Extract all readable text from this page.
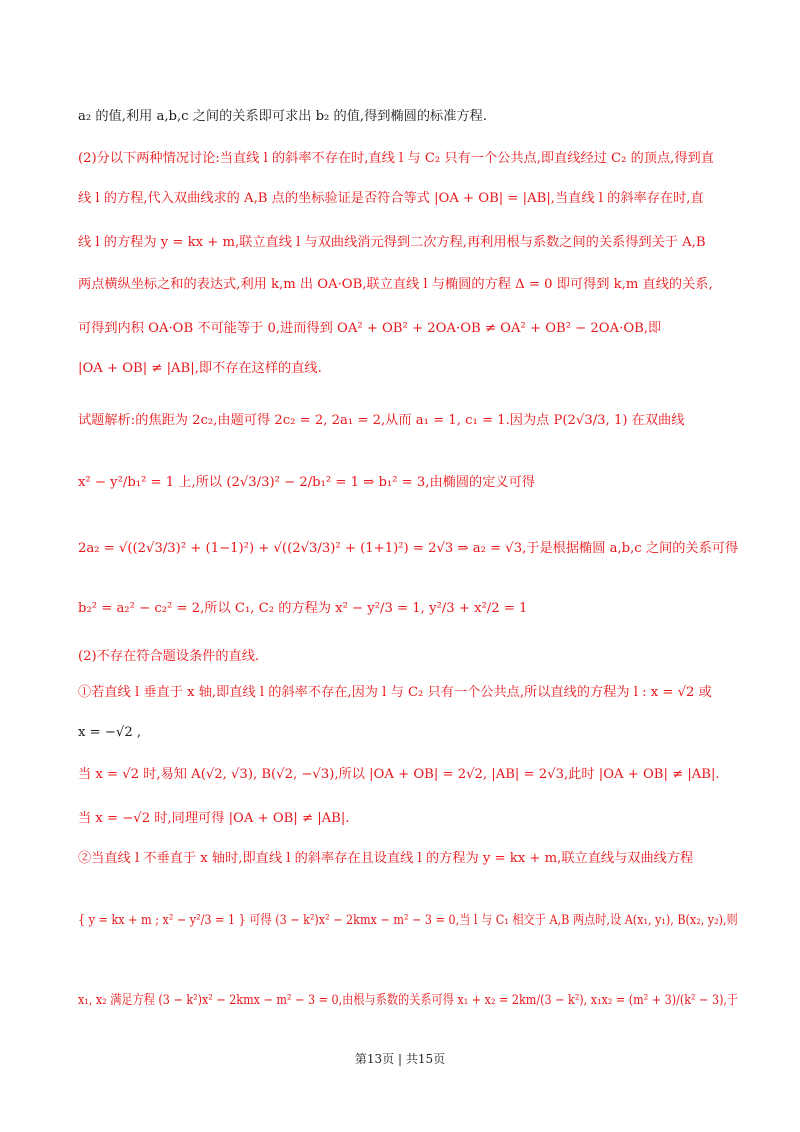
a₂ 的值,利用 a,b,c 之间的关系即可求出 b₂ 的值,得到椭圆的标准方程.
(2)分以下两种情况讨论:当直线 l 的斜率不存在时,直线 l 与 C₂ 只有一个公共点,即直线经过 C₂ 的顶点,得到直
线 l 的方程,代入双曲线求的 A,B 点的坐标验证是否符合等式 |OA + OB| = |AB|,当直线 l 的斜率存在时,直
线 l 的方程为 y = kx + m,联立直线 l 与双曲线消元得到二次方程,再利用根与系数之间的关系得到关于 A,B
两点横纵坐标之和的表达式,利用 k,m 出 OA·OB,联立直线 l 与椭圆的方程 Δ = 0 即可得到 k,m 直线的关系,
可得到内积 OA·OB 不可能等于 0,进而得到 OA² + OB² + 2OA·OB ≠ OA² + OB² − 2OA·OB,即
|OA + OB| ≠ |AB|,即不存在这样的直线.
试题解析:的焦距为 2c₂,由题可得 2c₂ = 2, 2a₁ = 2,从而 a₁ = 1, c₁ = 1.因为点 P(2√3/3, 1) 在双曲线
x² − y²/b₁² = 1 上,所以 (2√3/3)² − 2/b₁² = 1 ⇒ b₁² = 3,由椭圆的定义可得
2a₂ = √((2√3/3)² + (1−1)²) + √((2√3/3)² + (1+1)²) = 2√3 ⇒ a₂ = √3,于是根据椭圆 a,b,c 之间的关系可得
b₂² = a₂² − c₂² = 2,所以 C₁, C₂ 的方程为 x² − y²/3 = 1, y²/3 + x²/2 = 1
(2)不存在符合题设条件的直线.
①若直线 l 垂直于 x 轴,即直线 l 的斜率不存在,因为 l 与 C₂ 只有一个公共点,所以直线的方程为 l : x = √2 或
x = −√2 ,
当 x = √2 时,易知 A(√2, √3), B(√2, −√3),所以 |OA + OB| = 2√2, |AB| = 2√3,此时 |OA + OB| ≠ |AB|.
当 x = −√2 时,同理可得 |OA + OB| ≠ |AB|.
②当直线 l 不垂直于 x 轴时,即直线 l 的斜率存在且设直线 l 的方程为 y = kx + m,联立直线与双曲线方程
{ y = kx + m ; x² − y²/3 = 1 } 可得 (3 − k²)x² − 2kmx − m² − 3 = 0,当 l 与 C₁ 相交于 A,B 两点时,设 A(x₁, y₁), B(x₂, y₂),则
x₁, x₂ 满足方程 (3 − k²)x² − 2kmx − m² − 3 = 0,由根与系数的关系可得 x₁ + x₂ = 2km/(3 − k²), x₁x₂ = (m² + 3)/(k² − 3),于
第13页 | 共15页
